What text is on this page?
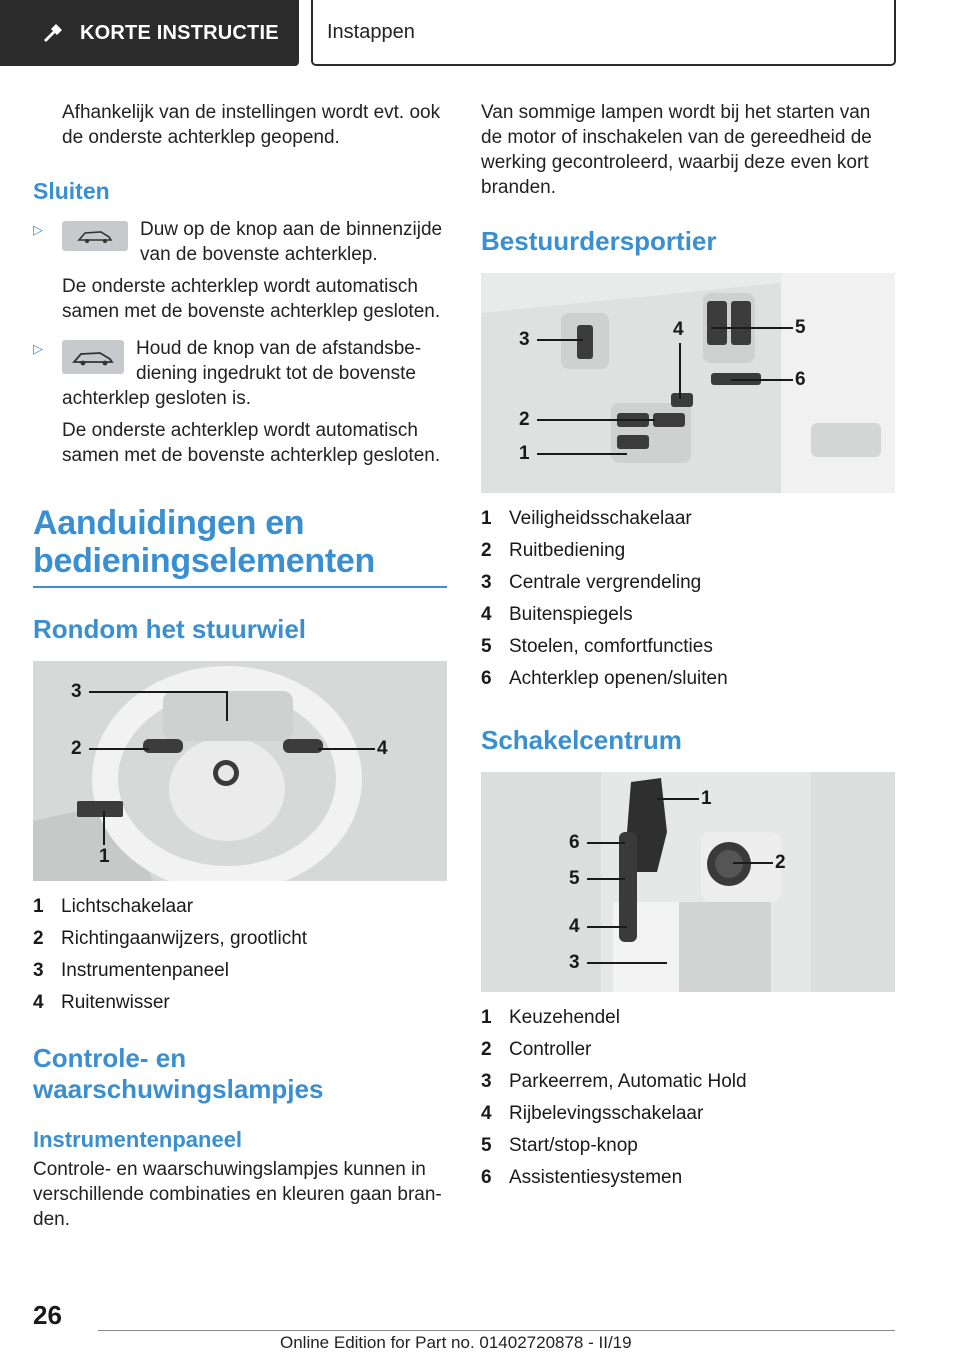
KORTE INSTRUCTIE	Instappen

Afhankelijk van de instellingen wordt evt. ook de onderste achterklep geopend.

Sluiten
▷	Duw op de knop aan de binnenzijde van de bovenste achterklep.

De onderste achterklep wordt automatisch samen met de bovenste achterklep gesloten.

▷	Houd de knop van de afstandsbe-diening ingedrukt tot de bovenste

achterklep gesloten is.

De onderste achterklep wordt automatisch samen met de bovenste achterklep gesloten.

Aanduidingen en bedieningselementen
Rondom het stuurwiel
3
2	4
1
1 Lichtschakelaar
2 Richtingaanwijzers, grootlicht
3 Instrumentenpaneel
4 Ruitenwisser
Controle- en waarschuwingslampjes
Instrumentenpaneel

Controle- en waarschuwingslampjes kunnen in verschillende combinaties en kleuren gaan bran-den.

Van sommige lampen wordt bij het starten van de motor of inschakelen van de gereedheid de werking gecontroleerd, waarbij deze even kort branden.

Bestuurdersportier
3	4	5
6
2
1
1 Veiligheidsschakelaar
2 Ruitbediening
3 Centrale vergrendeling
4 Buitenspiegels
5 Stoelen, comfortfuncties
6 Achterklep openen/sluiten
Schakelcentrum
1
2
6
5
4
3
1 Keuzehendel
2 Controller
3 Parkeerrem, Automatic Hold
4 Rijbelevingsschakelaar
5 Start/stop-knop
6 Assistentiesystemen
26
Online Edition for Part no. 01402720878 - II/19
